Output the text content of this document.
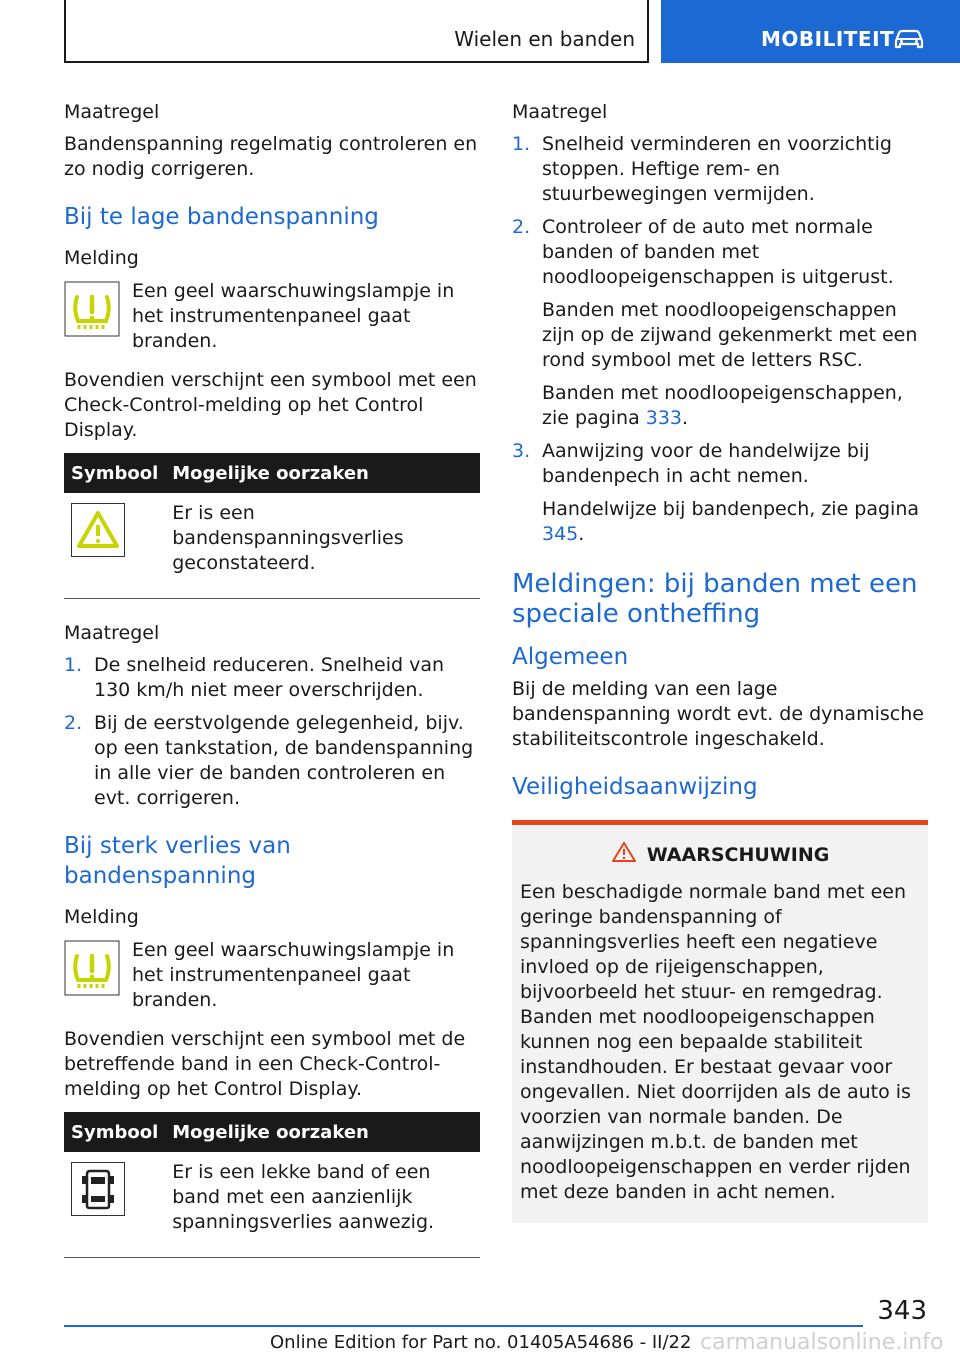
Wielen en banden	MOBILITEIT
Maatregel

Bandenspanning regelmatig controleren en zo nodig corrigeren.

Bij te lage bandenspanning
Melding
Een geel waarschuwingslampje in het instrumentenpaneel gaat branden.

Bovendien verschijnt een symbool met een Check-Control-melding op het Control Display.

Symbool	Mogelijke oorzaken

	Er is een bandenspanningsverlies geconstateerd.
Maatregel
1. De snelheid reduceren. Snelheid van 130 km/h niet meer overschrijden.
2. Bij de eerstvolgende gelegenheid, bijv. op een tankstation, de bandenspanning in alle vier de banden controleren en evt. corrigeren.
Bij sterk verlies van bandenspanning
Melding
Een geel waarschuwingslampje in het instrumentenpaneel gaat branden.

Bovendien verschijnt een symbool met de betreffende band in een Check-Control-melding op het Control Display.

Symbool	Mogelijke oorzaken

	Er is een lekke band of een band met een aanzienlijk spanningsverlies aanwezig.
Maatregel
1. Snelheid verminderen en voorzichtig stoppen. Heftige rem- en stuurbewegingen vermijden.
2. Controleer of de auto met normale banden of banden met noodloopeigenschappen is uitgerust.

Banden met noodloopeigenschappen zijn op de zijwand gekenmerkt met een rond symbool met de letters RSC.

Banden met noodloopeigenschappen, zie pagina 333.

3. Aanwijzing voor de handelwijze bij bandenpech in acht nemen.

Handelwijze bij bandenpech, zie pagina 345.

Meldingen: bij banden met een speciale ontheffing
Algemeen

Bij de melding van een lage bandenspanning wordt evt. de dynamische stabiliteitscontrole ingeschakeld.

Veiligheidsaanwijzing
WAARSCHUWING
Een beschadigde normale band met een geringe bandenspanning of spanningsverlies heeft een negatieve invloed op de rijeigenschappen, bijvoorbeeld het stuur- en remgedrag. Banden met noodloopeigenschappen kunnen nog een bepaalde stabiliteit instandhouden. Er bestaat gevaar voor ongevallen. Niet doorrijden als de auto is voorzien van normale banden. De aanwijzingen m.b.t. de banden met noodloopeigenschappen en verder rijden met deze banden in acht nemen.
343
Online Edition for Part no. 01405A54686 - II/22 carmanualsonline.info
